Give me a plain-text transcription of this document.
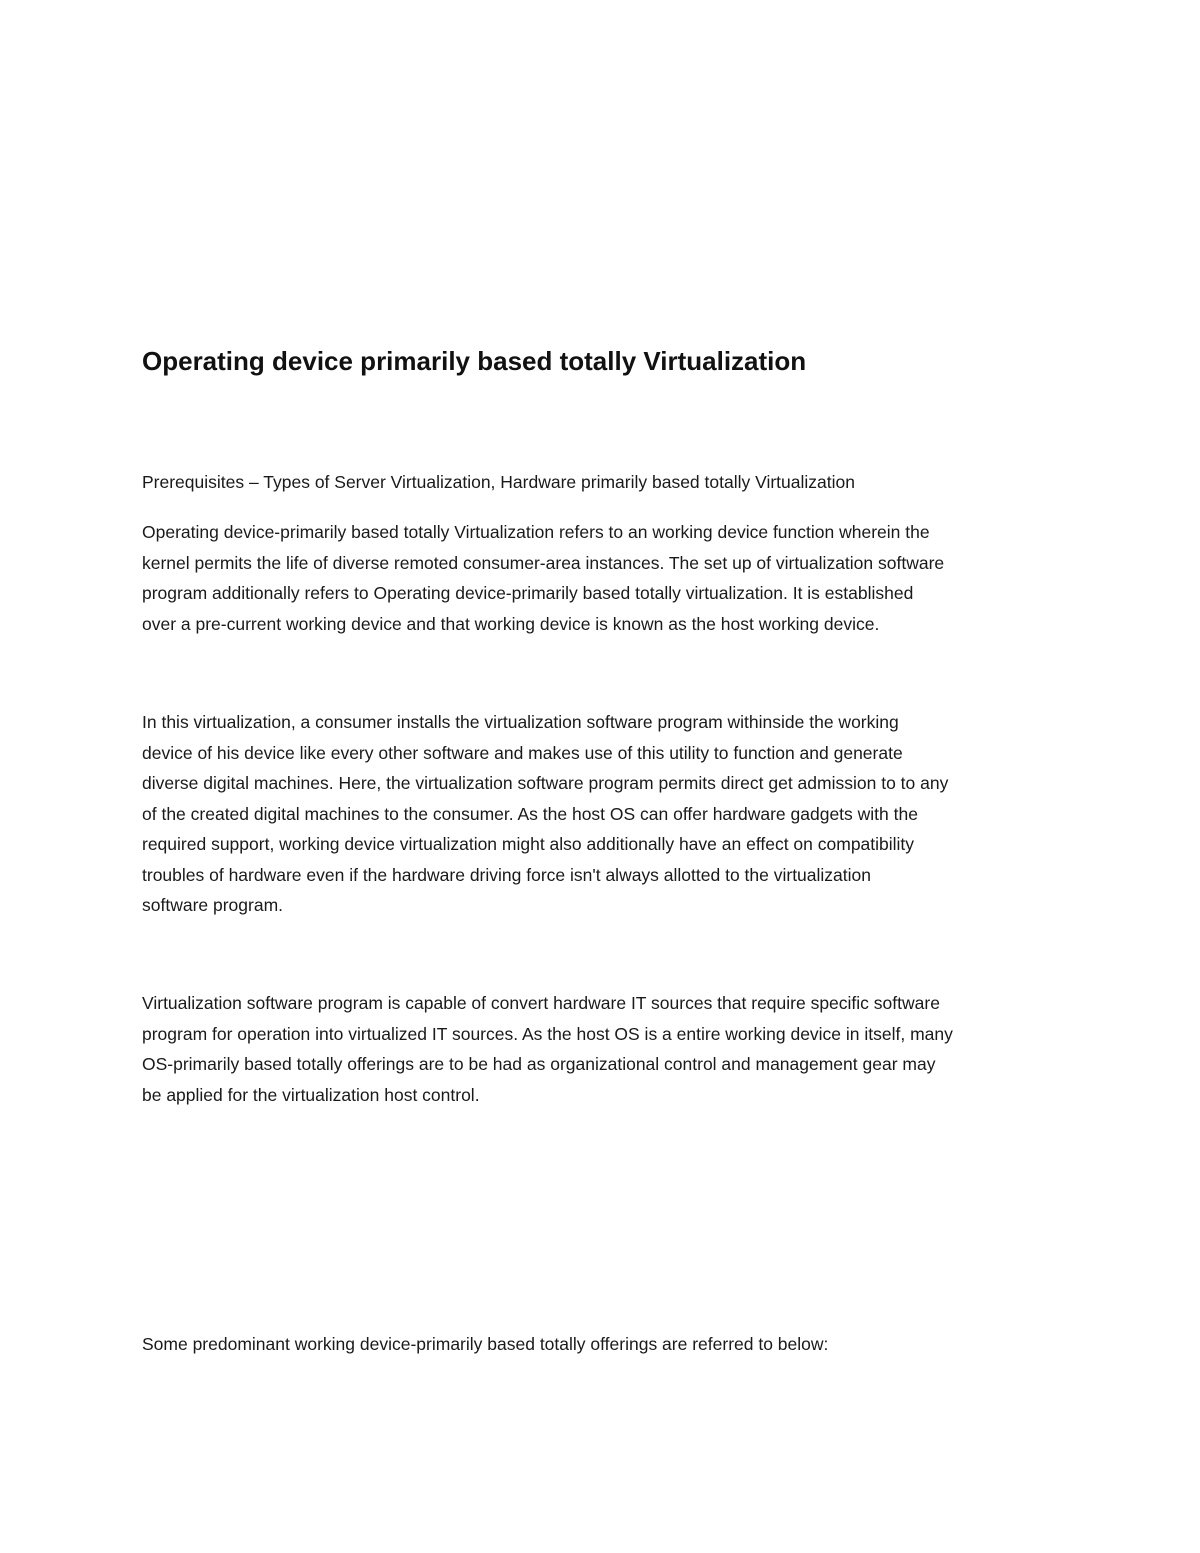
Operating device primarily based totally Virtualization

Prerequisites – Types of Server Virtualization, Hardware primarily based totally Virtualization

Operating device-primarily based totally Virtualization refers to an working device function wherein the
kernel permits the life of diverse remoted consumer-area instances. The set up of virtualization software
program additionally refers to Operating device-primarily based totally virtualization. It is established
over a pre-current working device and that working device is known as the host working device.

In this virtualization, a consumer installs the virtualization software program withinside the working
device of his device like every other software and makes use of this utility to function and generate
diverse digital machines. Here, the virtualization software program permits direct get admission to to any
of the created digital machines to the consumer. As the host OS can offer hardware gadgets with the
required support, working device virtualization might also additionally have an effect on compatibility
troubles of hardware even if the hardware driving force isn't always allotted to the virtualization
software program.

Virtualization software program is capable of convert hardware IT sources that require specific software
program for operation into virtualized IT sources. As the host OS is a entire working device in itself, many
OS-primarily based totally offerings are to be had as organizational control and management gear may
be applied for the virtualization host control.

Some predominant working device-primarily based totally offerings are referred to below:
